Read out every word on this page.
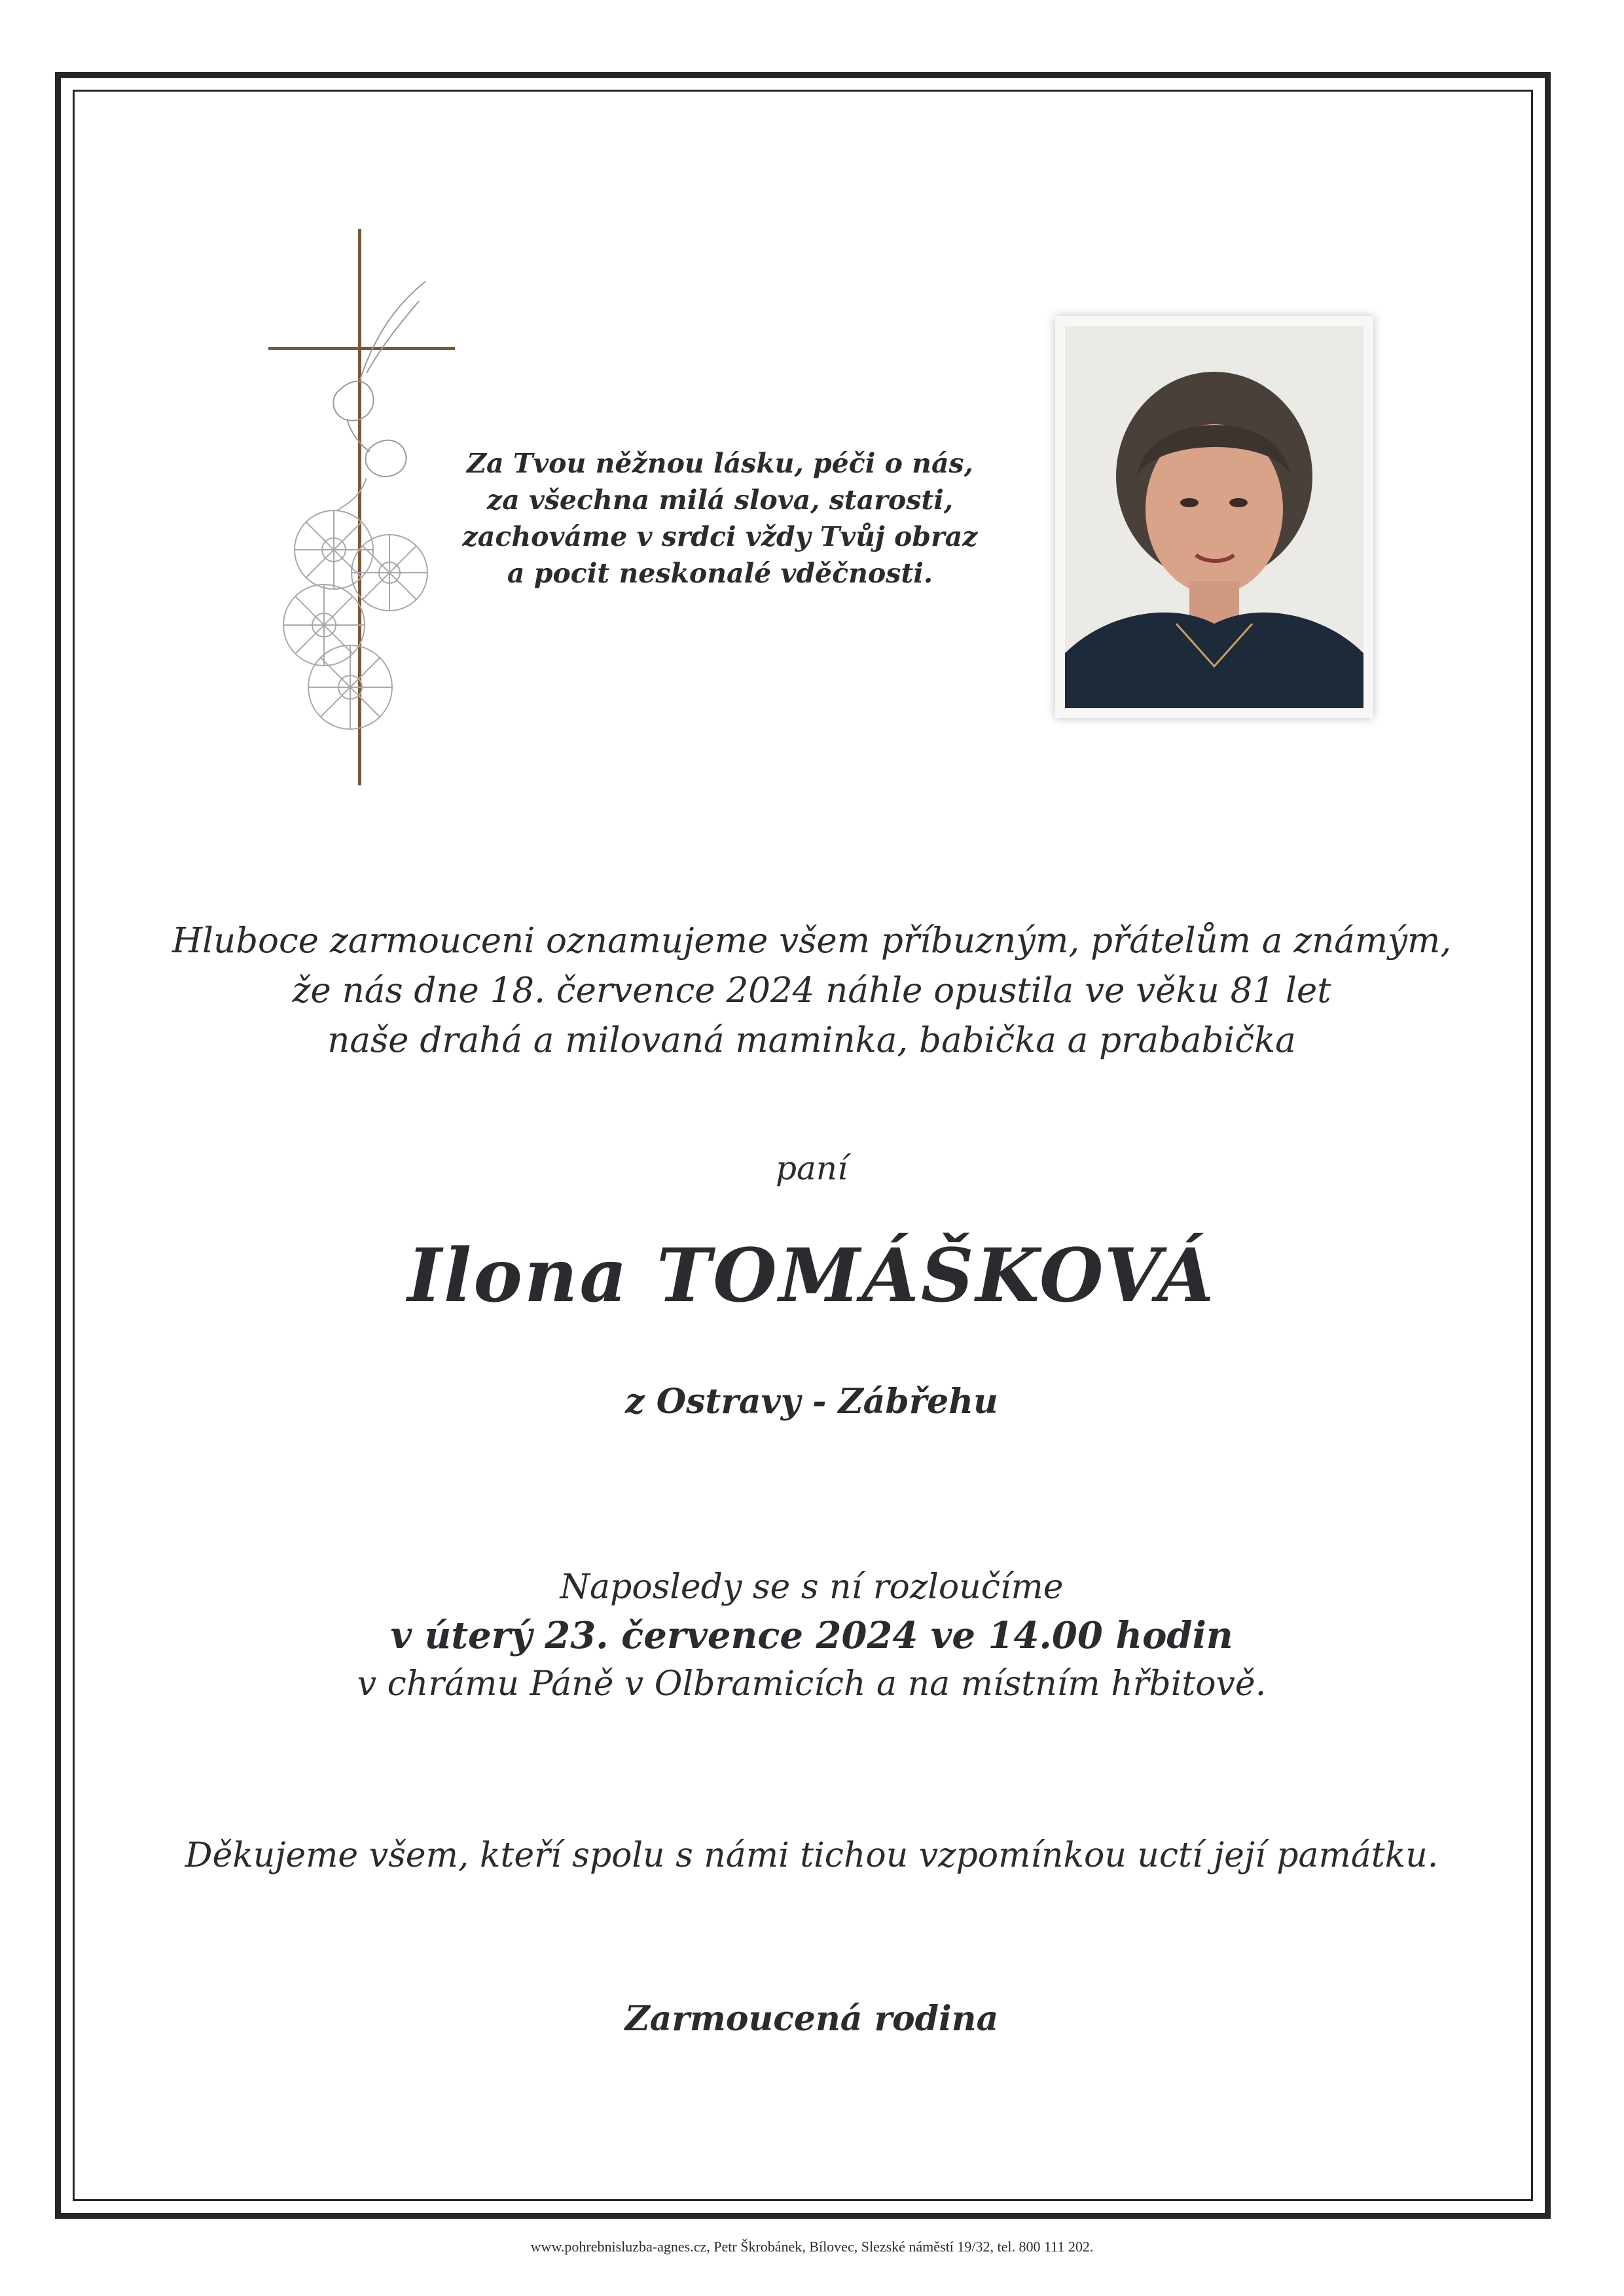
Za Tvou něžnou lásku, péči o nás,
za všechna milá slova, starosti,
zachováme v srdci vždy Tvůj obraz
a pocit neskonalé vděčnosti.
Hluboce zarmouceni oznamujeme všem příbuzným, přátelům a známým,
že nás dne 18. července 2024 náhle opustila ve věku 81 let
naše drahá a milovaná maminka, babička a prababička
paní
Ilona TOMÁŠKOVÁ
z Ostravy - Zábřehu
Naposledy se s ní rozloučíme
v úterý 23. července 2024 ve 14.00 hodin
v chrámu Páně v Olbramicích a na místním hřbitově.
Děkujeme všem, kteří spolu s námi tichou vzpomínkou uctí její památku.
Zarmoucená rodina
www.pohrebnisluzba-agnes.cz, Petr Škrobánek, Bílovec, Slezské náměstí 19/32, tel. 800 111 202.
